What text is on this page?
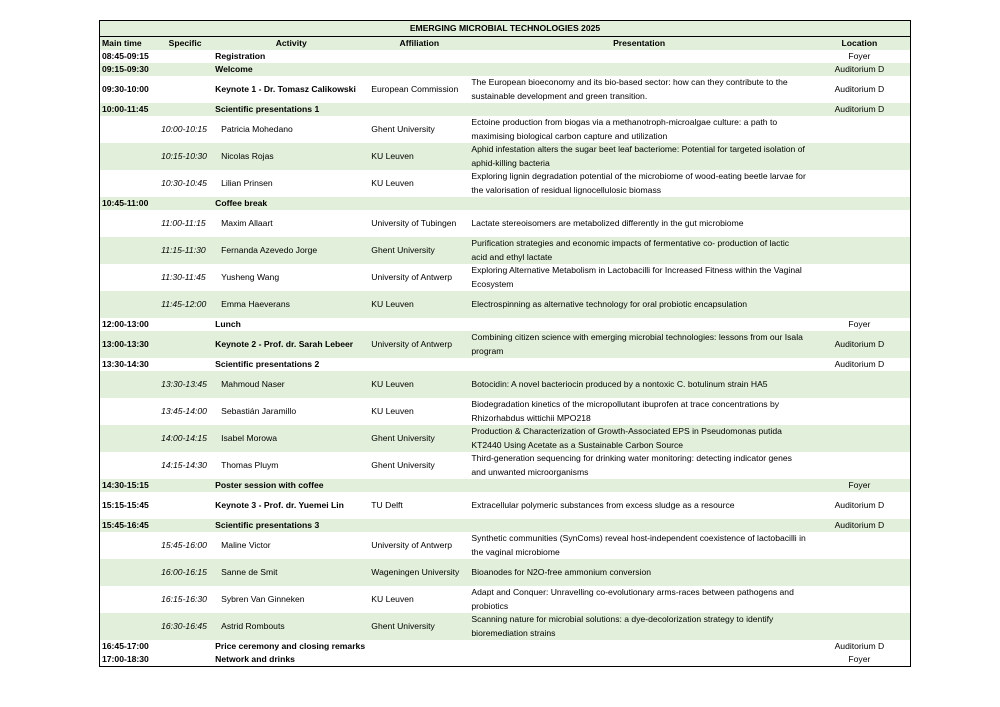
EMERGING MICROBIAL TECHNOLOGIES 2025					
Main time	Specific	Activity	Affiliation	Presentation	Location
08:45-09:15		Registration			Foyer
09:15-09:30		Welcome			Auditorium D
09:30-10:00		Keynote 1 - Dr. Tomasz Calikowski	European Commission	The European bioeconomy and its bio-based sector: how can they contribute to the sustainable development and green transition.	Auditorium D
10:00-11:45		Scientific presentations 1			Auditorium D
	10:00-10:15	Patricia Mohedano	Ghent University	Ectoine production from biogas via a methanotroph-microalgae culture: a path to maximising biological carbon capture and utilization	
	10:15-10:30	Nicolas Rojas	KU Leuven	Aphid infestation alters the sugar beet leaf bacteriome: Potential for targeted isolation of aphid-killing bacteria	
	10:30-10:45	Lilian Prinsen	KU Leuven	Exploring lignin degradation potential of the microbiome of wood-eating beetle larvae for the valorisation of residual lignocellulosic biomass	
10:45-11:00		Coffee break			
	11:00-11:15	Maxim Allaart	University of Tubingen	Lactate stereoisomers are metabolized differently in the gut microbiome	
	11:15-11:30	Fernanda Azevedo Jorge	Ghent University	Purification strategies and economic impacts of fermentative co- production of lactic acid and ethyl lactate	
	11:30-11:45	Yusheng Wang	University of Antwerp	Exploring Alternative Metabolism in Lactobacilli for Increased Fitness within the Vaginal Ecosystem	
	11:45-12:00	Emma Haeverans	KU Leuven	Electrospinning as alternative technology for oral probiotic encapsulation	
12:00-13:00		Lunch			Foyer
13:00-13:30		Keynote 2 - Prof. dr. Sarah Lebeer	University of Antwerp	Combining citizen science with emerging microbial technologies: lessons from our Isala program	Auditorium D
13:30-14:30		Scientific presentations 2			Auditorium D
	13:30-13:45	Mahmoud Naser	KU Leuven	Botocidin: A novel bacteriocin produced by a nontoxic C. botulinum strain HA5	
	13:45-14:00	Sebastián Jaramillo	KU Leuven	Biodegradation kinetics of the micropollutant ibuprofen at trace concentrations by Rhizorhabdus wittichii MPO218	
	14:00-14:15	Isabel Morowa	Ghent University	Production & Characterization of Growth-Associated EPS in Pseudomonas putida KT2440 Using Acetate as a Sustainable Carbon Source	
	14:15-14:30	Thomas Pluym	Ghent University	Third-generation sequencing for drinking water monitoring: detecting indicator genes and unwanted microorganisms	
14:30-15:15		Poster session with coffee			Foyer
15:15-15:45		Keynote 3 - Prof. dr. Yuemei Lin	TU Delft	Extracellular polymeric substances from excess sludge as a resource	Auditorium D
15:45-16:45		Scientific presentations 3			Auditorium D
	15:45-16:00	Maline Victor	University of Antwerp	Synthetic communities (SynComs) reveal host-independent coexistence of lactobacilli in the vaginal microbiome	
	16:00-16:15	Sanne de Smit	Wageningen University	Bioanodes for N2O-free ammonium conversion	
	16:15-16:30	Sybren Van Ginneken	KU Leuven	Adapt and Conquer: Unravelling co-evolutionary arms-races between pathogens and probiotics	
	16:30-16:45	Astrid Rombouts	Ghent University	Scanning nature for microbial solutions: a dye-decolorization strategy to identify bioremediation strains	
16:45-17:00		Price ceremony and closing remarks			Auditorium D
17:00-18:30		Network and drinks			Foyer
